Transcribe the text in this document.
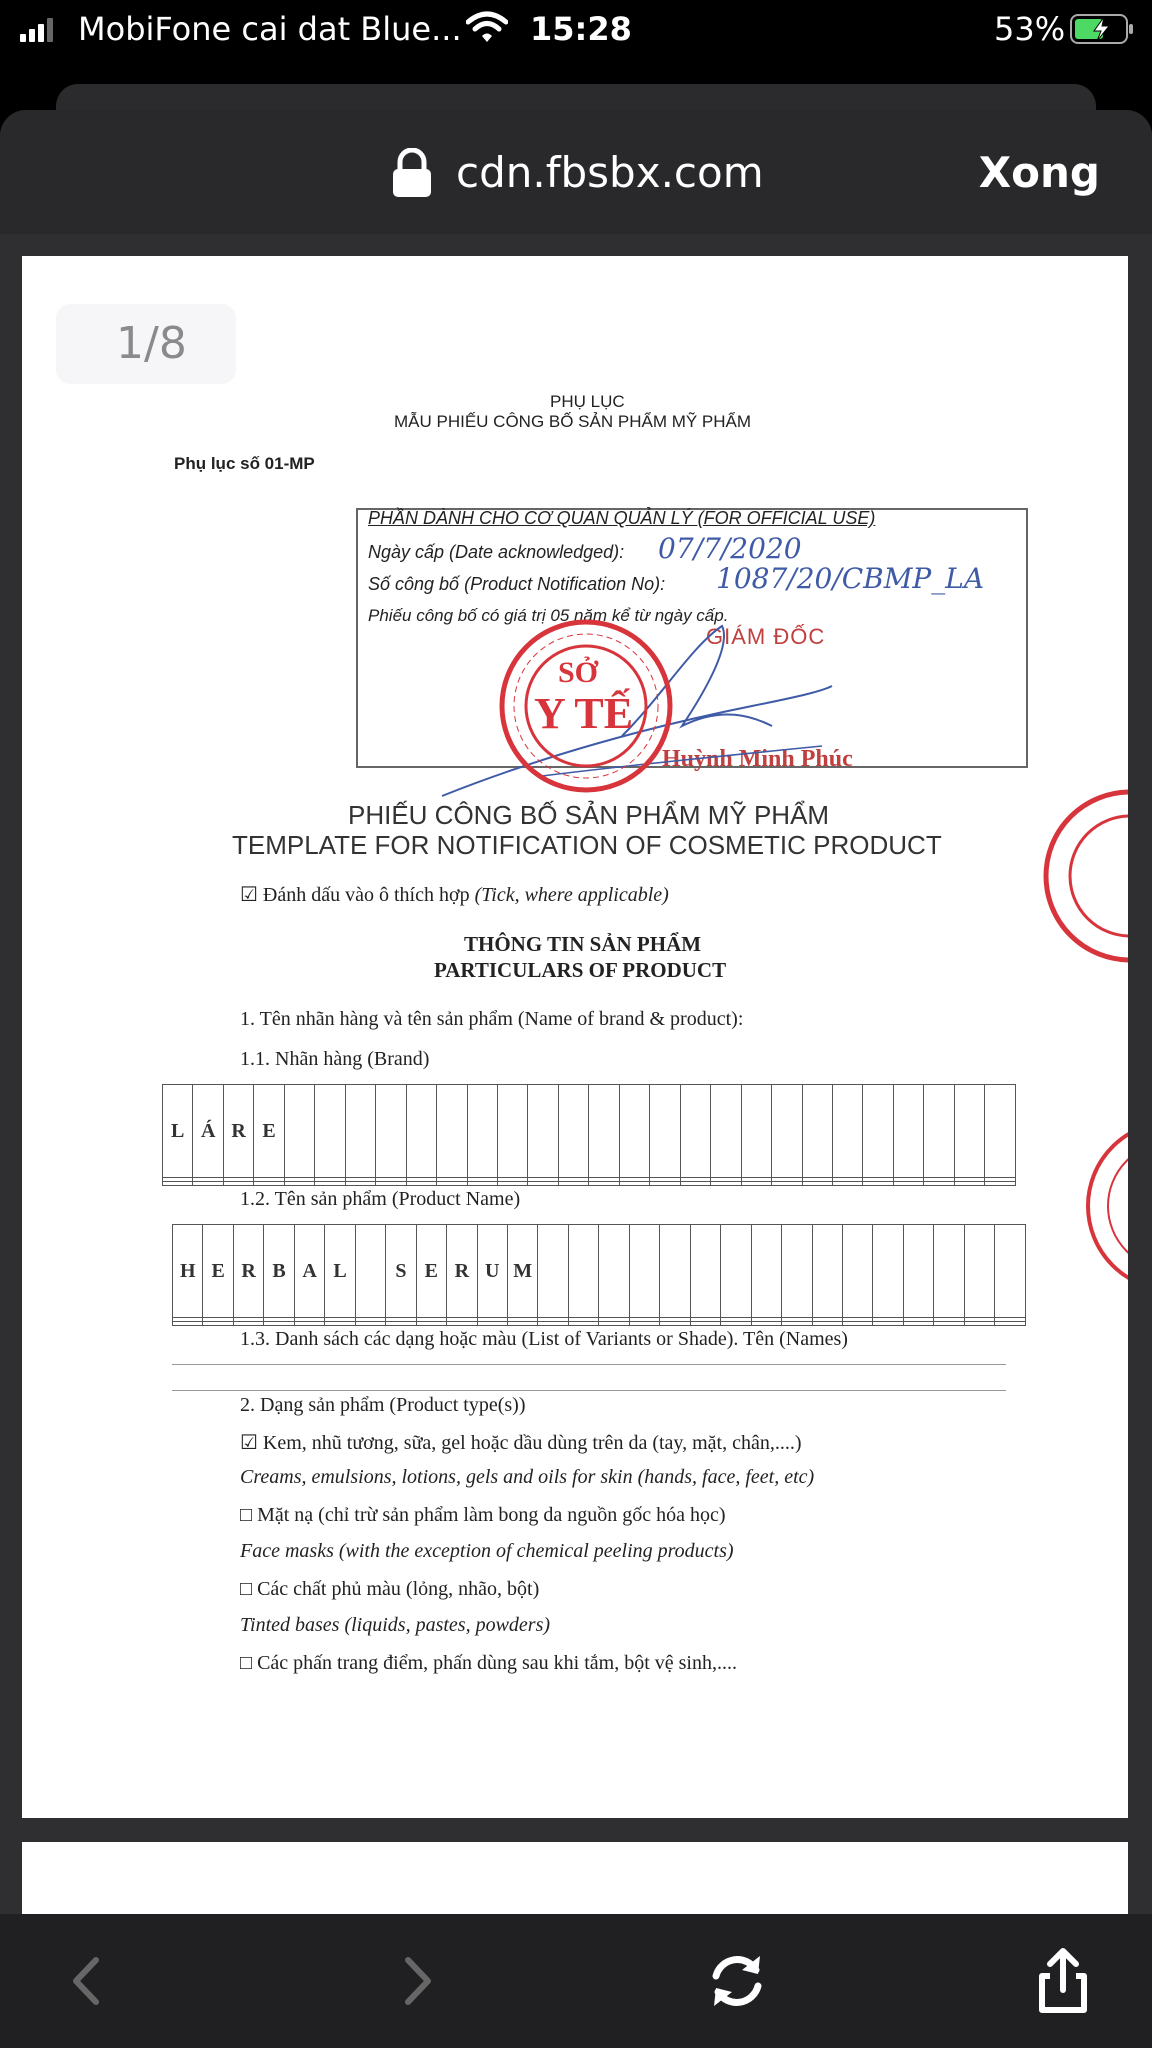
MobiFone cai dat Blue... 15:28	53%
cdn.fbsbx.com	Xong
1/8
PHỤ LỤC
MẪU PHIẾU CÔNG BỐ SẢN PHẨM MỸ PHẨM
Phụ lục số 01-MP
PHẦN DÀNH CHO CƠ QUAN QUẢN LÝ (FOR OFFICIAL USE)
Ngày cấp (Date acknowledged): 07/7/2020
Số công bố (Product Notification No): 1087/20/CBMP_LA
Phiếu công bố có giá trị 05 năm kể từ ngày cấp.
GIÁM ĐỐC
Huỳnh Minh Phúc
SỞ
Y TẾ
PHIẾU CÔNG BỐ SẢN PHẨM MỸ PHẨM
TEMPLATE FOR NOTIFICATION OF COSMETIC PRODUCT
☑ Đánh dấu vào ô thích hợp (Tick, where applicable)
THÔNG TIN SẢN PHẨM
PARTICULARS OF PRODUCT
1. Tên nhãn hàng và tên sản phẩm (Name of brand & product):
1.1. Nhãn hàng (Brand)
L	Á	R	E																								

1.2. Tên sản phẩm (Product Name)
H	E	R	B	A	L		S	E	R	U	M																

1.3. Danh sách các dạng hoặc màu (List of Variants or Shade). Tên (Names)
2. Dạng sản phẩm (Product type(s))
☑ Kem, nhũ tương, sữa, gel hoặc dầu dùng trên da (tay, mặt, chân,....)
Creams, emulsions, lotions, gels and oils for skin (hands, face, feet, etc)
□ Mặt nạ (chỉ trừ sản phẩm làm bong da nguồn gốc hóa học)
Face masks (with the exception of chemical peeling products)
□ Các chất phủ màu (lỏng, nhão, bột)
Tinted bases (liquids, pastes, powders)
□ Các phấn trang điểm, phấn dùng sau khi tắm, bột vệ sinh,....
